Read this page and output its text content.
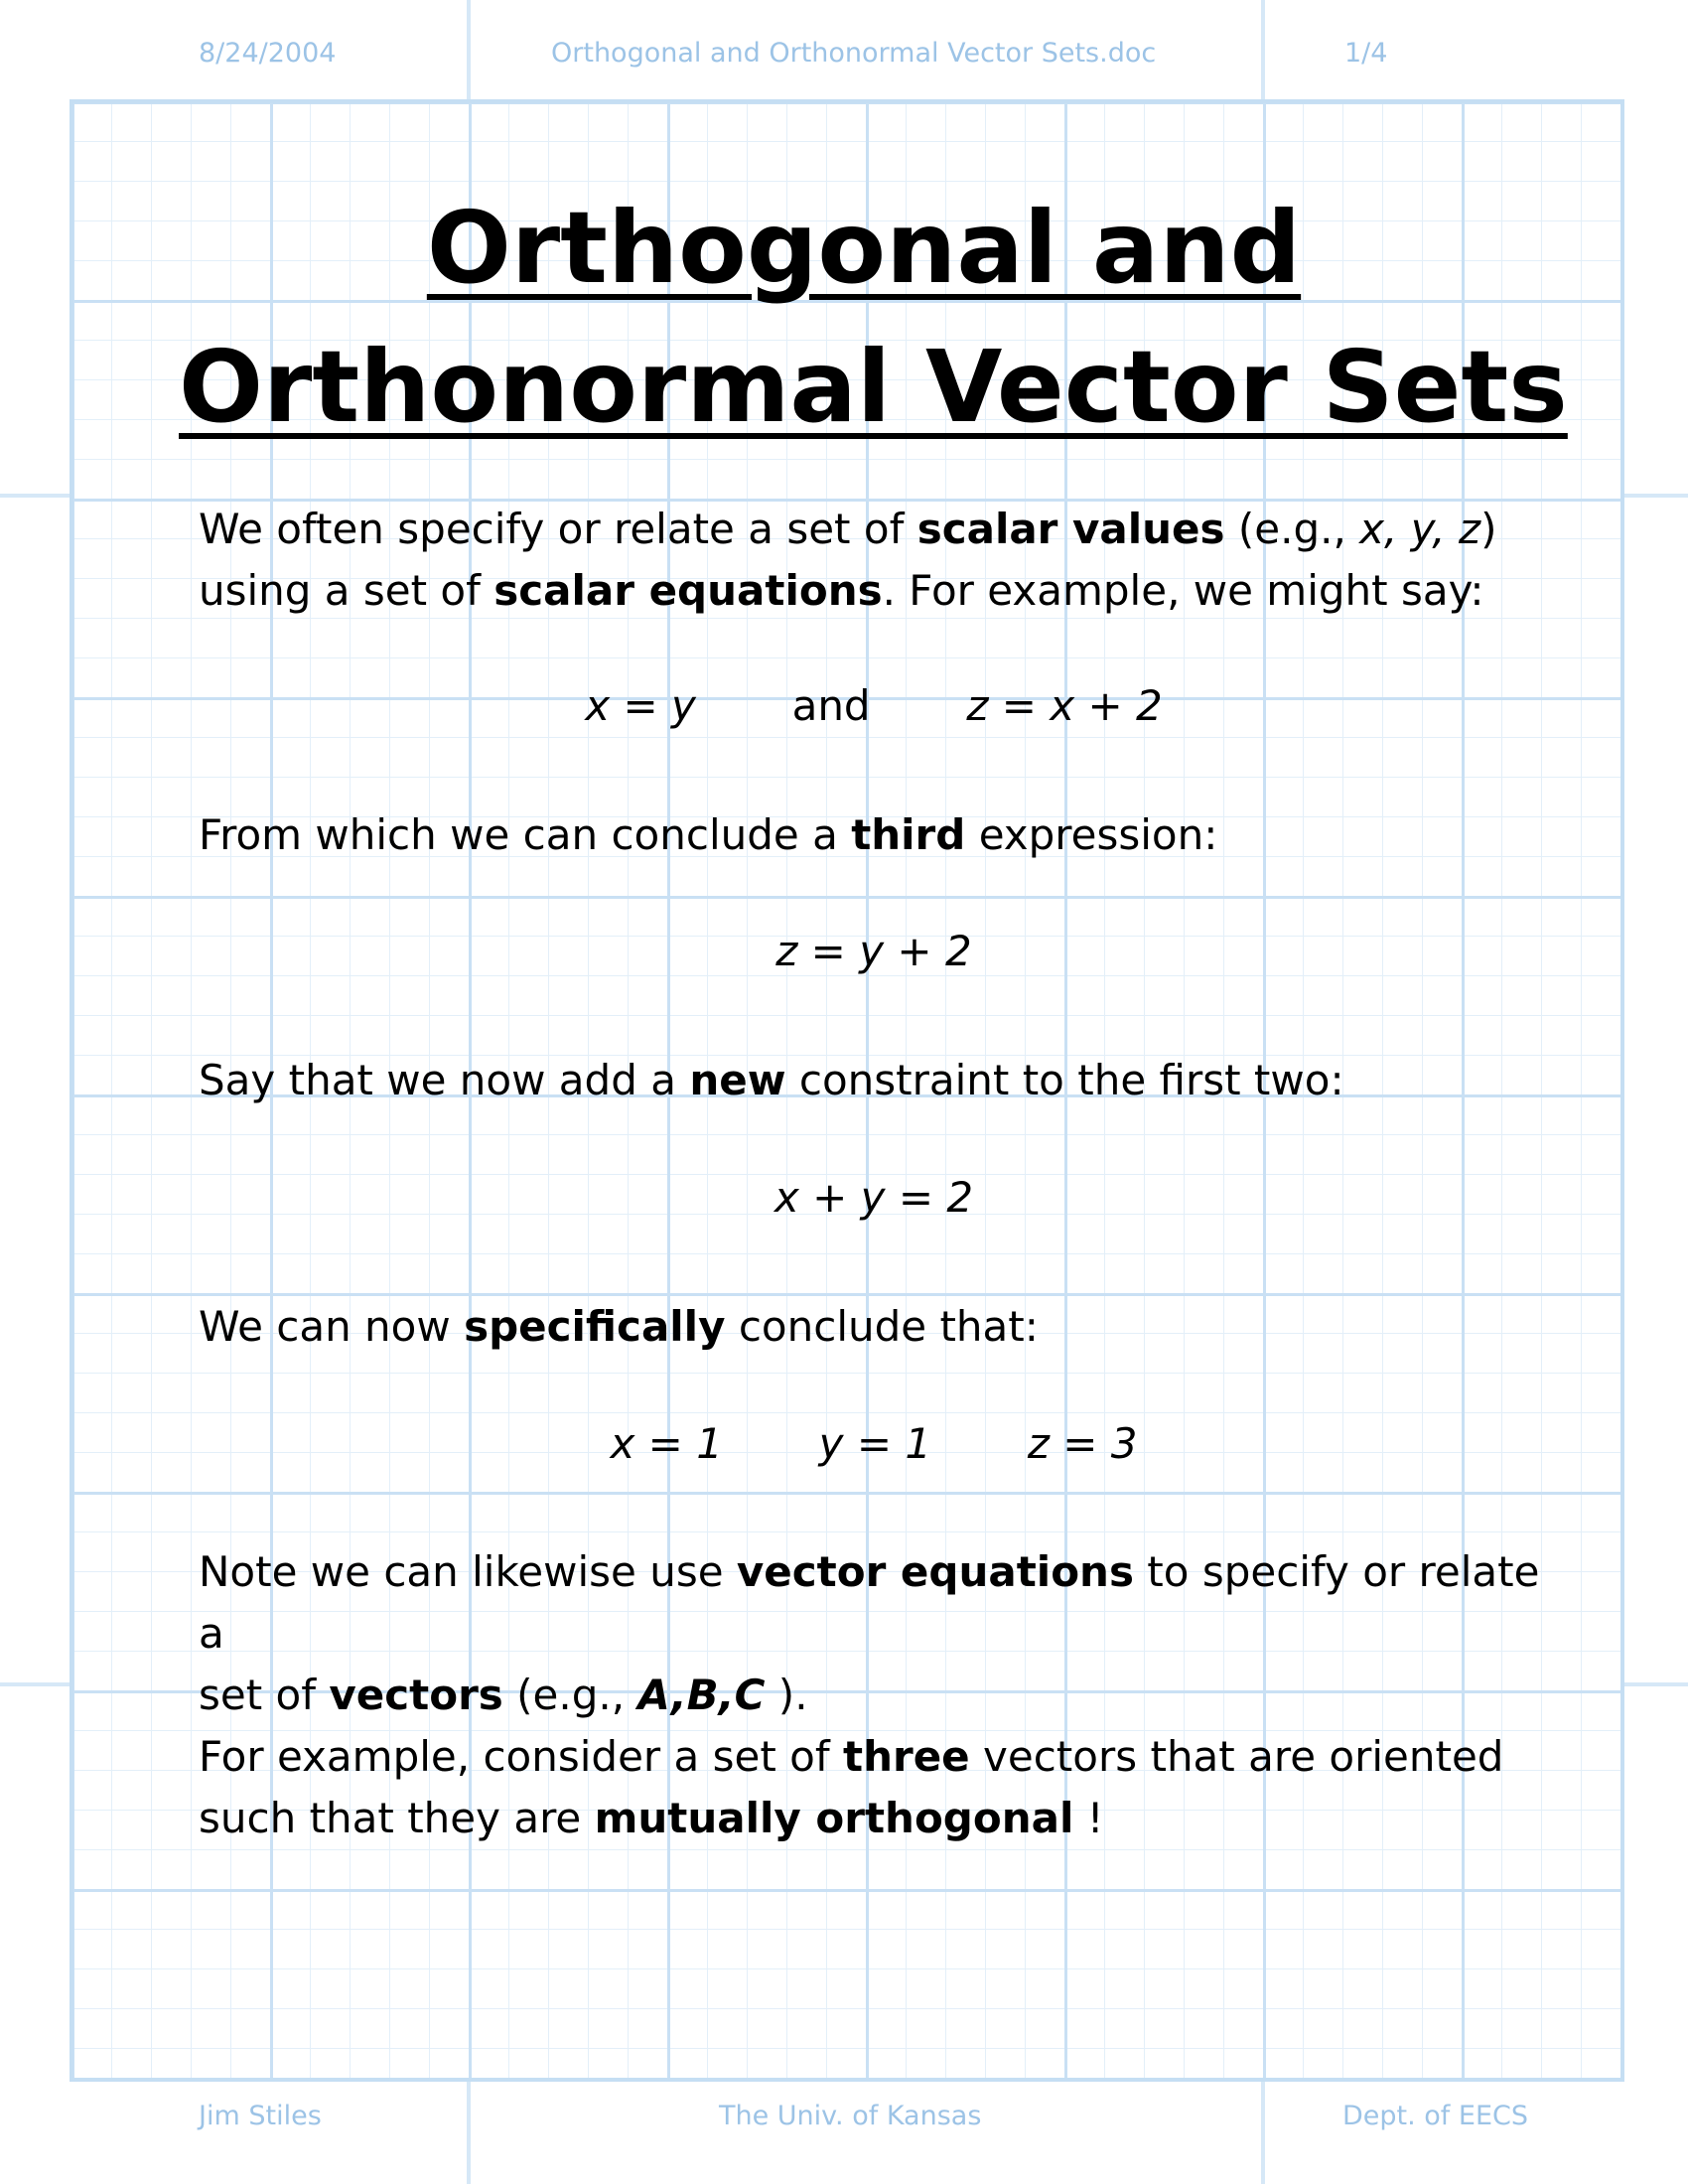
8/24/2004	Orthogonal and Orthonormal Vector Sets.doc	1/4
Orthogonal and
Orthonormal Vector Sets

We often specify or relate a set of scalar values (e.g., x, y, z)

using a set of scalar equations. For example, we might say:

x = y and z = x + 2

From which we can conclude a third expression:

z = y + 2

Say that we now add a new constraint to the first two:

x + y = 2

We can now specifically conclude that:

x = 1 y = 1 z = 3

Note we can likewise use vector equations to specify or relate a

set of vectors (e.g., A,B,C ).

For example, consider a set of three vectors that are oriented

such that they are mutually orthogonal !

Jim Stiles	The Univ. of Kansas	Dept. of EECS
